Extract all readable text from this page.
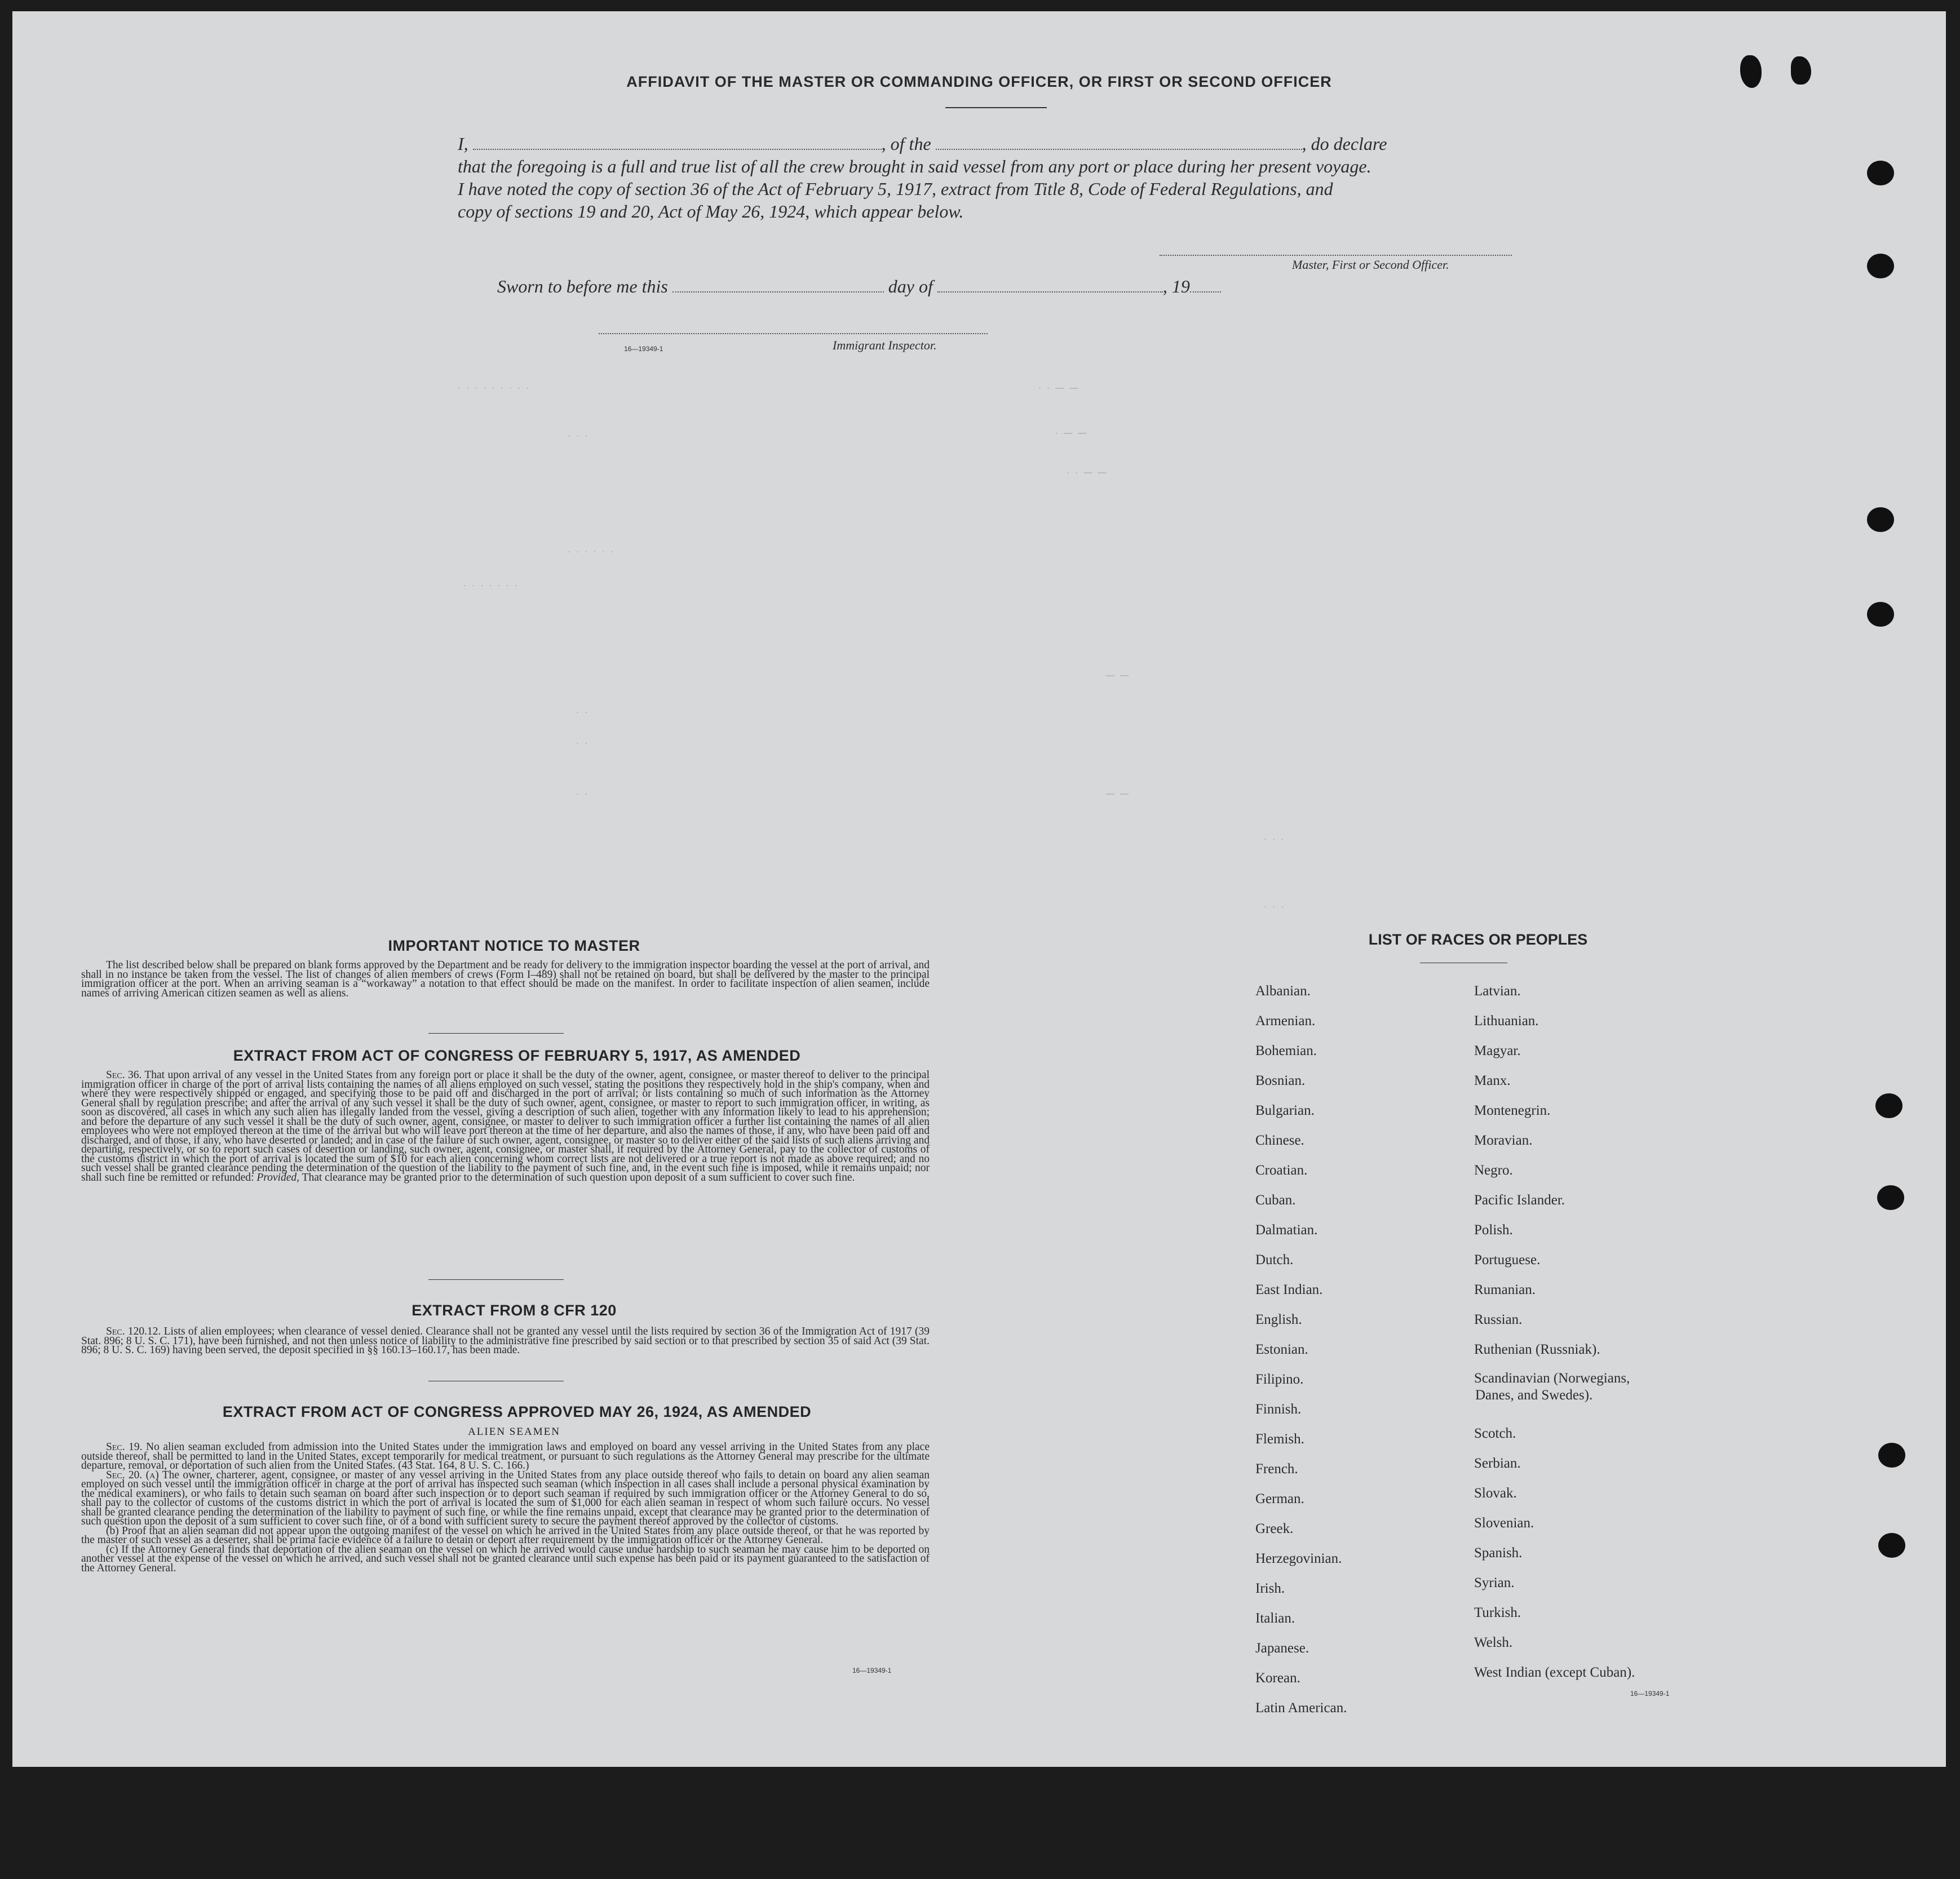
AFFIDAVIT OF THE MASTER OR COMMANDING OFFICER, OR FIRST OR SECOND OFFICER
I,	, of the	, do declare
that the foregoing is a full and true list of all the crew brought in said vessel from any port or place during her present voyage.
I have noted the copy of section 36 of the Act of February 5, 1917, extract from Title 8, Code of Federal Regulations, and
copy of sections 19 and 20, Act of May 26, 1924, which appear below.
Master, First or Second Officer.
Sworn to before me this	day of	, 19
16—19349-1	Immigrant Inspector.
· · · · · · · · ·
· · ·
· · · · · ·
· · · · · · ·
· ·
· ·
· ·
· · — —
· — —
· · — —
— —
— —
· · ·
· · ·
IMPORTANT NOTICE TO MASTER

The list described below shall be prepared on blank forms approved by the Department and be ready for delivery to the immigration inspector boarding the vessel at the port of arrival, and shall in no instance be taken from the vessel. The list of changes of alien members of crews (Form I–489) shall not be retained on board, but shall be delivered by the master to the principal immigration officer at the port. When an arriving seaman is a “workaway” a notation to that effect should be made on the manifest. In order to facilitate inspection of alien seamen, include names of arriving American citizen seamen as well as aliens.

EXTRACT FROM ACT OF CONGRESS OF FEBRUARY 5, 1917, AS AMENDED

Sec. 36. That upon arrival of any vessel in the United States from any foreign port or place it shall be the duty of the owner, agent, consignee, or master thereof to deliver to the principal immigration officer in charge of the port of arrival lists containing the names of all aliens employed on such vessel, stating the positions they respectively hold in the ship's company, when and where they were respectively shipped or engaged, and specifying those to be paid off and discharged in the port of arrival; or lists containing so much of such information as the Attorney General shall by regulation prescribe; and after the arrival of any such vessel it shall be the duty of such owner, agent, consignee, or master to report to such immigration officer, in writing, as soon as discovered, all cases in which any such alien has illegally landed from the vessel, giving a description of such alien, together with any information likely to lead to his apprehension; and before the departure of any such vessel it shall be the duty of such owner, agent, consignee, or master to deliver to such immigration officer a further list containing the names of all alien employees who were not employed thereon at the time of the arrival but who will leave port thereon at the time of her departure, and also the names of those, if any, who have been paid off and discharged, and of those, if any, who have deserted or landed; and in case of the failure of such owner, agent, consignee, or master so to deliver either of the said lists of such aliens arriving and departing, respectively, or so to report such cases of desertion or landing, such owner, agent, consignee, or master shall, if required by the Attorney General, pay to the collector of customs of the customs district in which the port of arrival is located the sum of $10 for each alien concerning whom correct lists are not delivered or a true report is not made as above required; and no such vessel shall be granted clearance pending the determination of the question of the liability to the payment of such fine, and, in the event such fine is imposed, while it remains unpaid; nor shall such fine be remitted or refunded: Provided, That clearance may be granted prior to the determination of such question upon deposit of a sum sufficient to cover such fine.

EXTRACT FROM 8 CFR 120

Sec. 120.12. Lists of alien employees; when clearance of vessel denied. Clearance shall not be granted any vessel until the lists required by section 36 of the Immigration Act of 1917 (39 Stat. 896; 8 U. S. C. 171), have been furnished, and not then unless notice of liability to the administrative fine prescribed by said section or to that prescribed by section 35 of said Act (39 Stat. 896; 8 U. S. C. 169) having been served, the deposit specified in §§ 160.13–160.17, has been made.

EXTRACT FROM ACT OF CONGRESS APPROVED MAY 26, 1924, AS AMENDED
ALIEN SEAMEN

Sec. 19. No alien seaman excluded from admission into the United States under the immigration laws and employed on board any vessel arriving in the United States from any place outside thereof, shall be permitted to land in the United States, except temporarily for medical treatment, or pursuant to such regulations as the Attorney General may prescribe for the ultimate departure, removal, or deportation of such alien from the United States. (43 Stat. 164, 8 U. S. C. 166.)

Sec. 20. (a) The owner, charterer, agent, consignee, or master of any vessel arriving in the United States from any place outside thereof who fails to detain on board any alien seaman employed on such vessel until the immigration officer in charge at the port of arrival has inspected such seaman (which inspection in all cases shall include a personal physical examination by the medical examiners), or who fails to detain such seaman on board after such inspection or to deport such seaman if required by such immigration officer or the Attorney General to do so, shall pay to the collector of customs of the customs district in which the port of arrival is located the sum of $1,000 for each alien seaman in respect of whom such failure occurs. No vessel shall be granted clearance pending the determination of the liability to payment of such fine, or while the fine remains unpaid, except that clearance may be granted prior to the determination of such question upon the deposit of a sum sufficient to cover such fine, or of a bond with sufficient surety to secure the payment thereof approved by the collector of customs.

(b) Proof that an alien seaman did not appear upon the outgoing manifest of the vessel on which he arrived in the United States from any place outside thereof, or that he was reported by the master of such vessel as a deserter, shall be prima facie evidence of a failure to detain or deport after requirement by the immigration officer or the Attorney General.

(c) If the Attorney General finds that deportation of the alien seaman on the vessel on which he arrived would cause undue hardship to such seaman he may cause him to be deported on another vessel at the expense of the vessel on which he arrived, and such vessel shall not be granted clearance until such expense has been paid or its payment guaranteed to the satisfaction of the Attorney General.

16—19349-1
LIST OF RACES OR PEOPLES
Albanian.
Armenian.
Bohemian.
Bosnian.
Bulgarian.
Chinese.
Croatian.
Cuban.
Dalmatian.
Dutch.
East Indian.
English.
Estonian.
Filipino.
Finnish.
Flemish.
French.
German.
Greek.
Herzegovinian.
Irish.
Italian.
Japanese.
Korean.
Latin American.
Latvian.
Lithuanian.
Magyar.
Manx.
Montenegrin.
Moravian.
Negro.
Pacific Islander.
Polish.
Portuguese.
Rumanian.
Russian.
Ruthenian (Russniak).
Scandinavian (Norwegians,
Danes, and Swedes).
Scotch.
Serbian.
Slovak.
Slovenian.
Spanish.
Syrian.
Turkish.
Welsh.
West Indian (except Cuban).
16—19349-1
